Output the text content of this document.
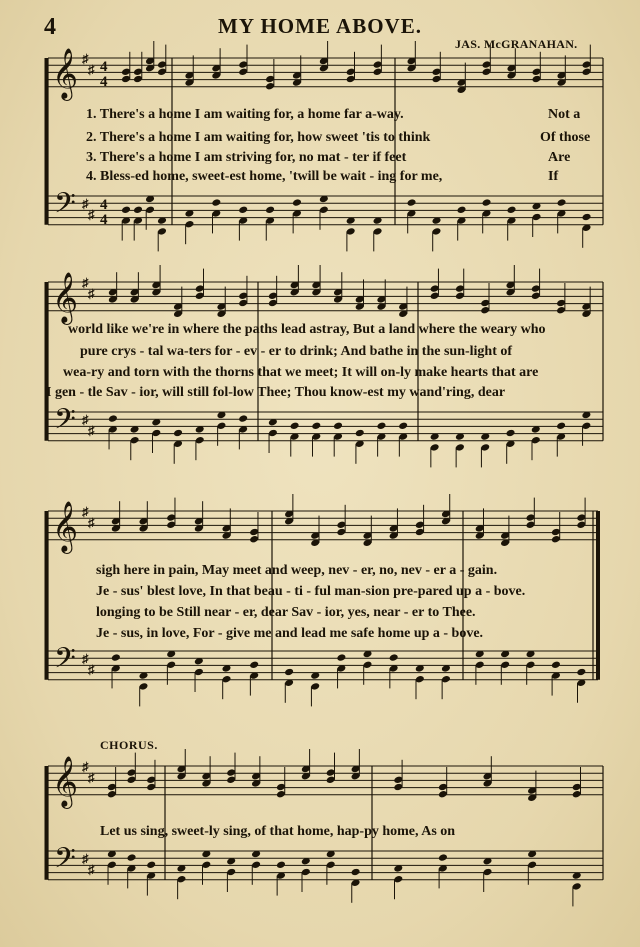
4	MY HOME ABOVE.
JAS. McGRANAHAN.
𝄞
𝄢
♯
♯
♯
♯
4
4
4
4
𝄞
𝄢
♯
♯
♯
♯
𝄞
𝄢
♯
♯
♯
♯
𝄞
𝄢
♯
♯
♯
♯
1. There's a home I am waiting for, a home far a-way.	Not a
2. There's a home I am waiting for, how sweet 'tis to think	Of those
3. There's a home I am striving for, no mat - ter if feet	Are
4. Bless-ed home, sweet-est home, 'twill be wait - ing for me,	If
world like we're in where the paths lead astray, But a land where the weary who
pure crys - tal wa-ters for - ev - er to drink; And bathe in the sun-light of
wea-ry and torn with the thorns that we meet; It will on-ly make hearts that are
I gen - tle Sav - ior, will still fol-low Thee; Thou know-est my wand'ring, dear
sigh here in pain, May meet and weep, nev - er, no, nev - er a - gain.
Je - sus' blest love, In that beau - ti - ful man-sion pre-pared up a - bove.
longing to be Still near - er, dear Sav - ior, yes, near - er to Thee.
Je - sus, in love, For - give me and lead me safe home up a - bove.
CHORUS.
Let us sing, sweet-ly sing, of that home, hap-py home, As on
